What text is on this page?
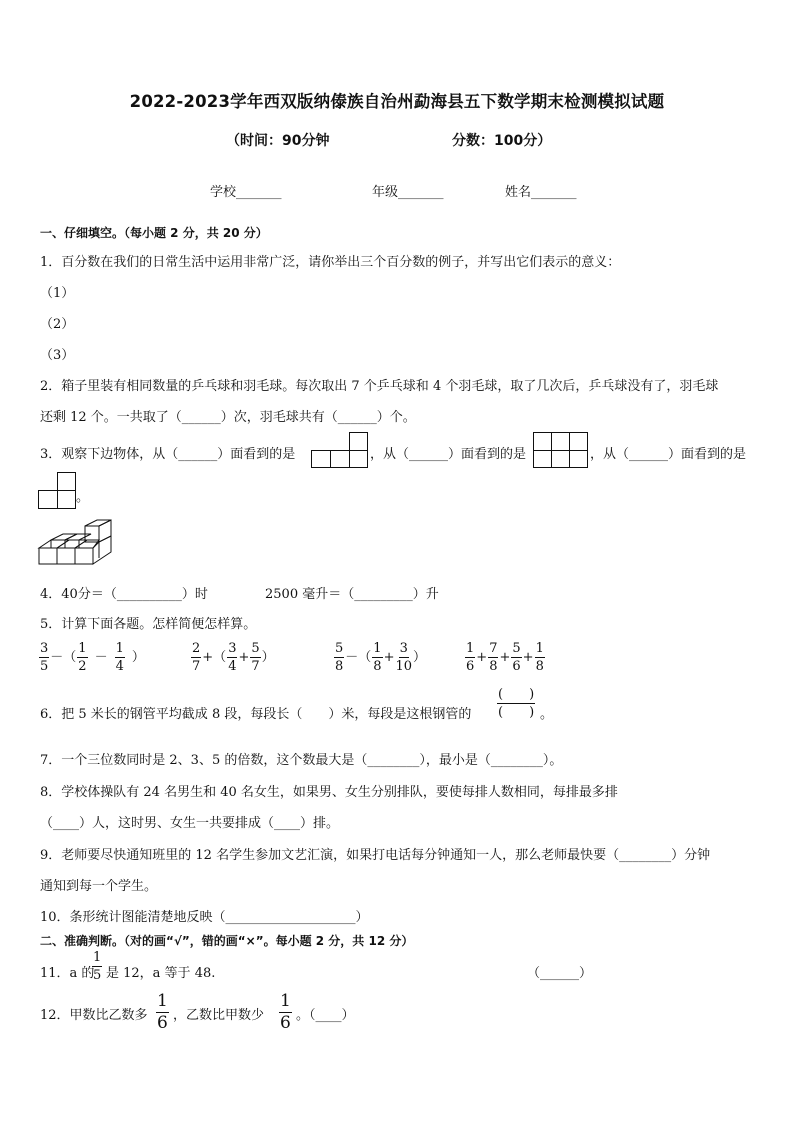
2022-2023学年西双版纳傣族自治州勐海县五下数学期末检测模拟试题
（时间：90分钟	分数：100分）
学校_______	年级_______	姓名_______
一、仔细填空。（每小题 2 分，共 20 分）
1．百分数在我们的日常生活中运用非常广泛，请你举出三个百分数的例子，并写出它们表示的意义：
（1）
（2）
（3）
2．箱子里装有相同数量的乒乓球和羽毛球。每次取出 7 个乒乓球和 4 个羽毛球，取了几次后，乒乓球没有了，羽毛球
还剩 12 个。一共取了（______）次，羽毛球共有（______）个。
3．观察下边物体，从（______）面看到的是	，从（______）面看到的是	，从（______）面看到的是
。
4．40分＝（__________）时	2500 毫升＝（_________）升
5．计算下面各题。怎样简便怎样算。
$\frac{3}{5}$ －（ $\frac{1}{2} - \frac{1}{4}$ ）	$\frac{2}{7}$ +（ $\frac{3}{4} + \frac{5}{7}$ ）	$\frac{5}{8}$ －（ $\frac{1}{8} + \frac{3}{10}$ ）	$\frac{1}{6} + \frac{7}{8} + \frac{5}{6} + \frac{1}{8}$
6．把 5 米长的钢管平均截成 8 段，每段长（　　）米，每段是这根钢管的 $\frac{( )}{( )}$ 。
7．一个三位数同时是 2、3、5 的倍数，这个数最大是（________），最小是（________）。
8．学校体操队有 24 名男生和 40 名女生，如果男、女生分别排队，要使每排人数相同，每排最多排
（____）人，这时男、女生一共要排成（____）排。
9．老师要尽快通知班里的 12 名学生参加文艺汇演，如果打电话每分钟通知一人，那么老师最快要（________）分钟
通知到每一个学生。
10．条形统计图能清楚地反映（____________________）
二、准确判断。（对的画“√”，错的画“×”。每小题 2 分，共 12 分）
11．a 的
$\frac{1}{5}$ 是 12，a 等于 48.	（______）
12．甲数比乙数多 $\frac{1}{6}$ ，乙数比甲数少 $\frac{1}{6}$ 。（____）
